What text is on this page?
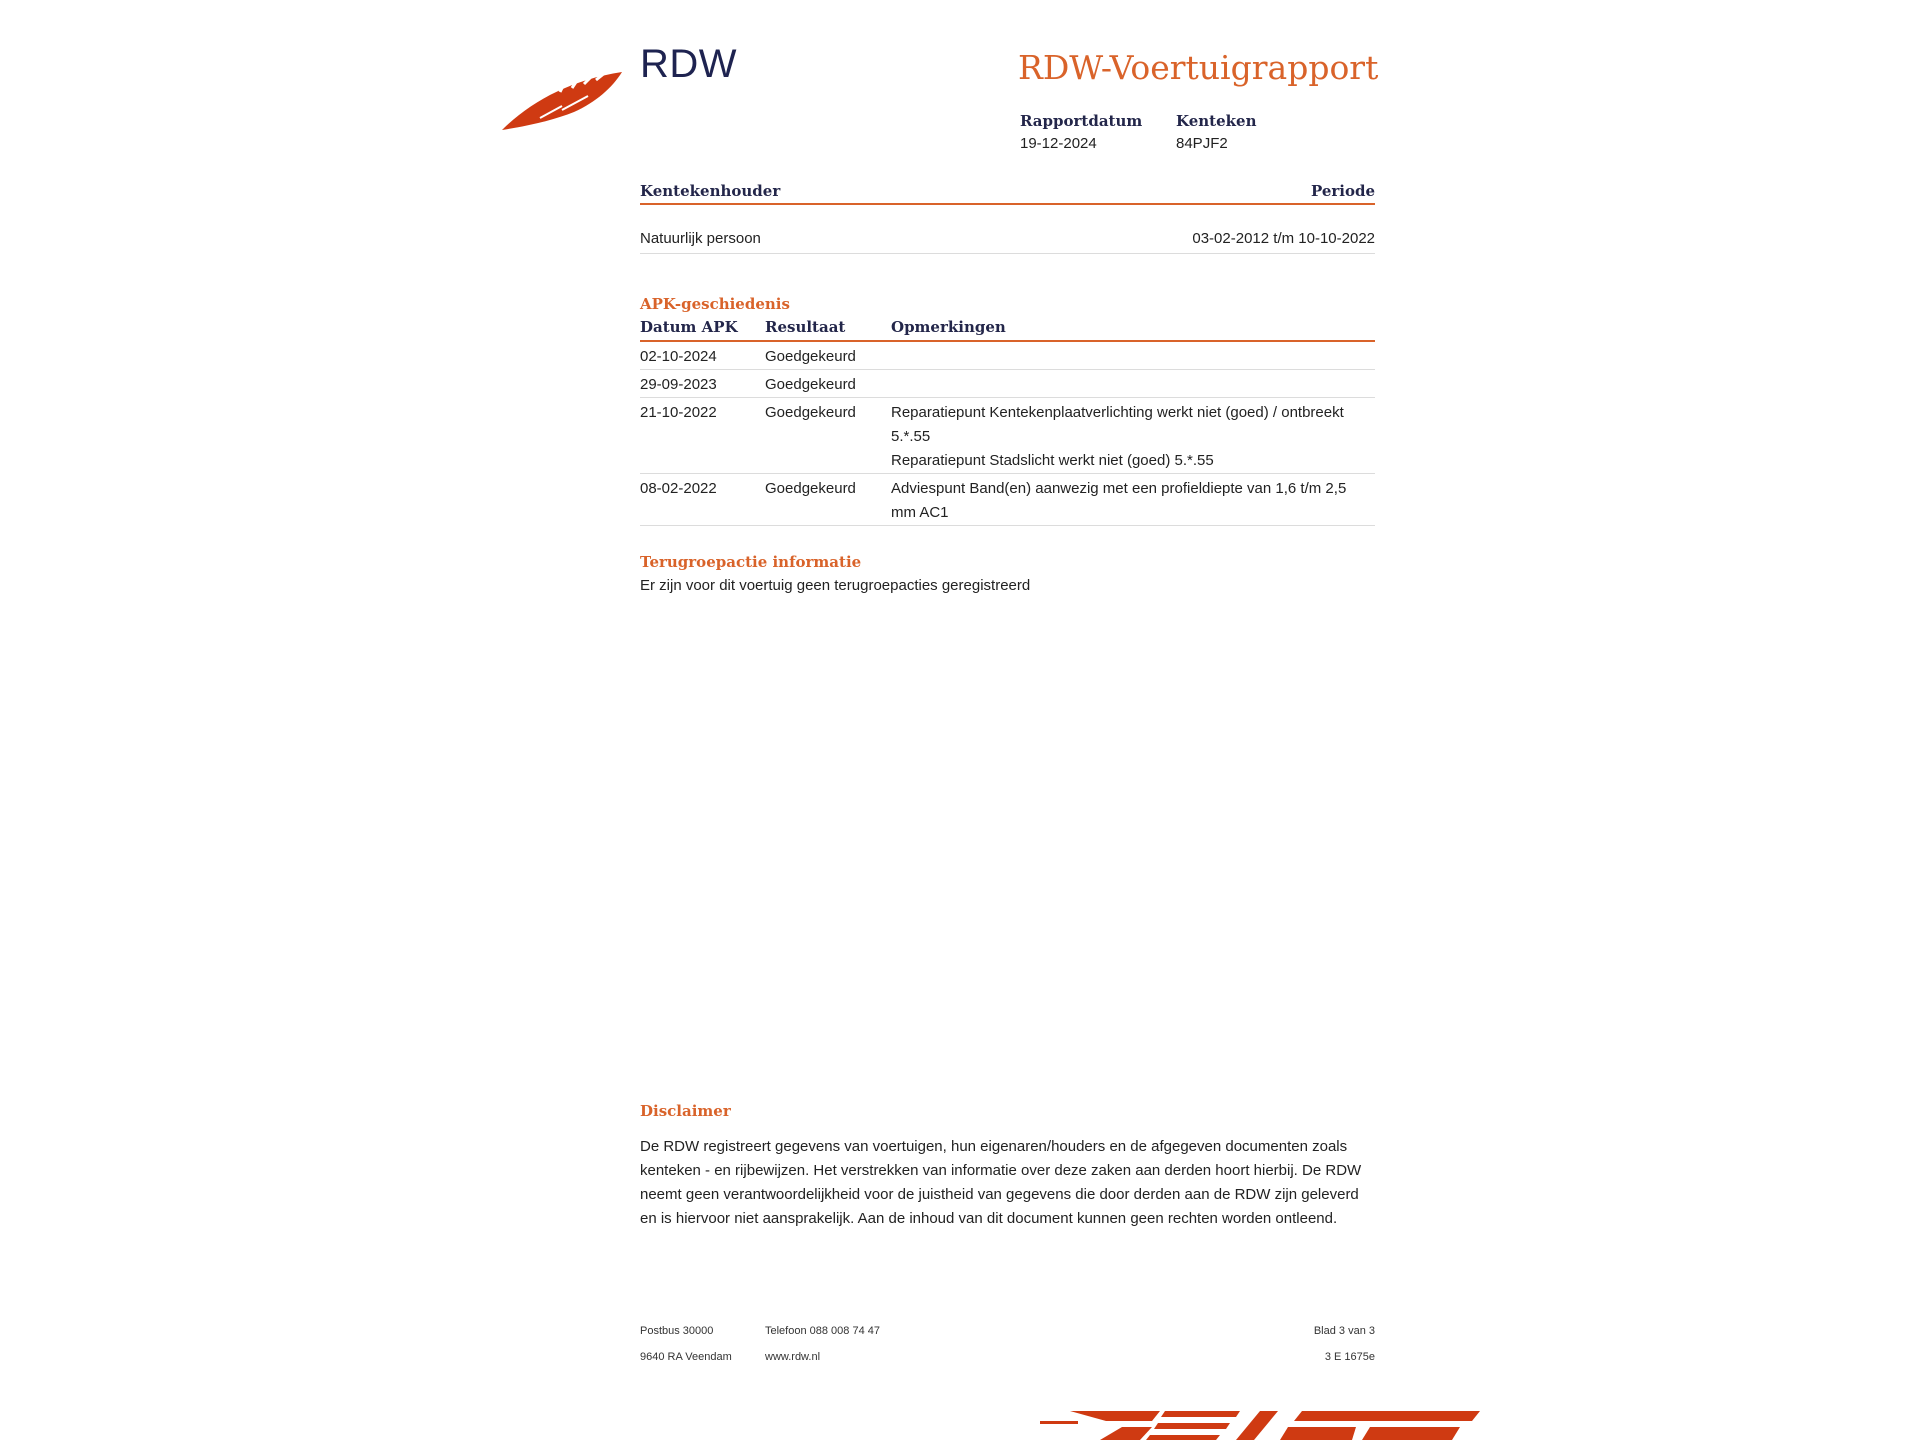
RDW	RDW-Voertuigrapport
Rapportdatum
19-12-2024
Kenteken
84PJF2
Kentekenhouder	Periode
Natuurlijk persoon	03-02-2012 t/m 10-10-2022
APK-geschiedenis
Datum APK	Resultaat	Opmerkingen
02-10-2024	Goedgekeurd	
29-09-2023	Goedgekeurd	
21-10-2022	Goedgekeurd	Reparatiepunt Kentekenplaatverlichting werkt niet (goed) / ontbreekt 5.*.55
Reparatiepunt Stadslicht werkt niet (goed) 5.*.55

08-02-2022	Goedgekeurd	Adviespunt Band(en) aanwezig met een profieldiepte van 1,6 t/m 2,5 mm AC1
Terugroepactie informatie
Er zijn voor dit voertuig geen terugroepacties geregistreerd
Disclaimer
De RDW registreert gegevens van voertuigen, hun eigenaren/houders en de afgegeven documenten zoals kenteken - en rijbewijzen. Het verstrekken van informatie over deze zaken aan derden hoort hierbij. De RDW neemt geen verantwoordelijkheid voor de juistheid van gegevens die door derden aan de RDW zijn geleverd en is hiervoor niet aansprakelijk. Aan de inhoud van dit document kunnen geen rechten worden ontleend.
Postbus 30000
9640 RA Veendam
Telefoon 088 008 74 47
www.rdw.nl
Blad 3 van 3
3 E 1675e
